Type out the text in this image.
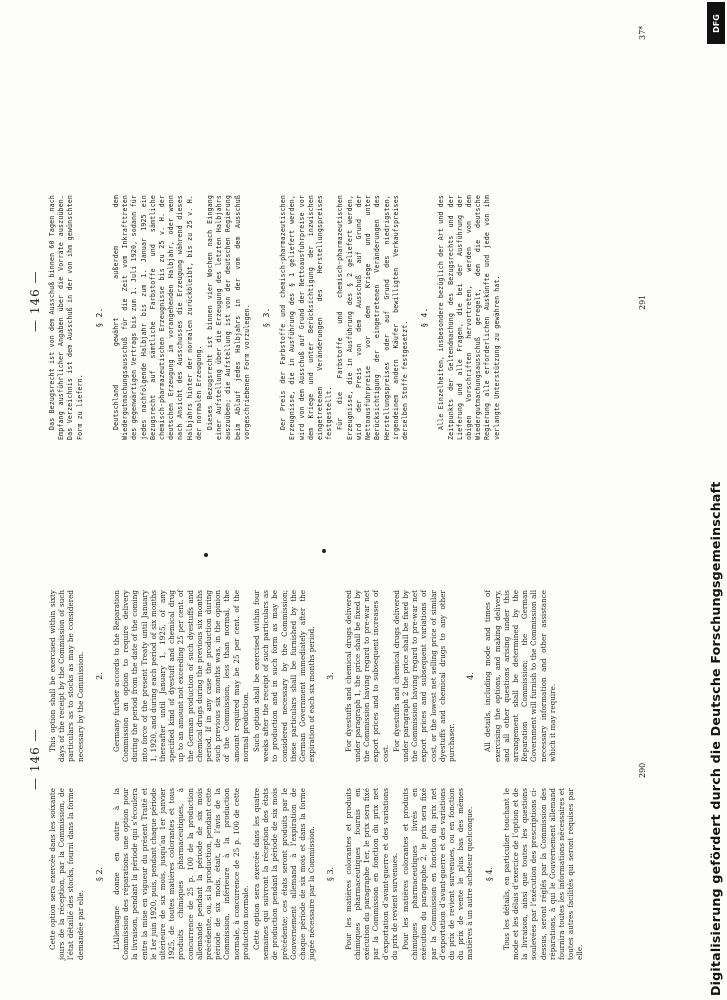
— 146 —

Cette option sera exercée dans les soixante jours de la réception, par la Commission, de l’état détaillé des stocks, fourni dans la forme demandée par elle.

§ 2. L’Allemagne donne en outre à la Commission des réparations une option pour la livraison, pendant la période qui s’écoulera entre la mise en vigueur du présent Traité et le 1er juin 1920, puis, pendant chaque période ultérieure de six mois, jusqu’au 1er janvier 1925, de toutes matières colorantes et tous produits chimiques pharmaceutiques, à concurrence de 25 p. 100 de la production allemande pendant la période de six mois précédente, ou, si la production, pendant cette période de six mois, était, de l’avis de la Commission, inférieure à la production normale, à concurrence de 25 p. 100 de cette production normale. Cette option sera exercée dans les quatre semaines qui suivront la réception des états de production pendant la période de six mois précédente; ces états seront produits par le Gouvernement allemand à l’expiration de chaque période de six mois et dans la forme jugée nécessaire par la Commission. § 3. Pour les matières colorantes et produits chimiques pharmaceutiques fournis en exécution du paragraphe 1er, le prix sera fixé par la Commission en fonction du prix net d’exportation d’avant-guerre et des variations du prix de revient survenues. Pour les matières colorantes et produits chimiques pharmaceutiques livrés en exécution du paragraphe 2, le prix sera fixé par la Commission en fonction du prix net d’exportation d’avant-guerre et des variations du prix de revient survenues, ou en fonction du prix de vente le plus bas des mêmes matières à un autre acheteur quelconque. § 4. Tous les détails, en particulier touchant le mode et les délais d’exercice de l’option et de la livraison, ainsi que toutes les questions soulevées par l’exécution des prescriptions ci-dessus, seront réglés par la Commission des réparations, à qui le Gouvernement allemand fournira toutes les informations nécessaires et toutes autres facilités qui seront requises par elle.

This option shall be exercised within sixty days of the receipt by the Commission of such particulars as to stocks as may be considered necessary by the Commission. 2. Germany further accords to the Reparation Commission an option to require delivery during the period from the date of the coming into force of the present Treaty until January 1, 1920, and during each period of six months thereafter until January 1, 1925, of any specified kind of dyestuff and chemical drug up to an amount not exceeding 25 per cent. of the German production of such dyestuffs and chemical drugs during the previous six months period. If in any case the production during such previous six months was, in the opinion of the Commission, less than normal, the amount required may be 25 per cent. of the normal production. Such option shall be exercised within four weeks after the receipt of such particulars as to production and in such form as may be considered necessary by the Commission; these particulars shall be furnished by the German Government immediately after the expiration of each six months period. 3. For dyestuffs and chemical drugs delivered under paragraph 1, the price shall be fixed by the Commission having regard to pre-war net export prices and to subsequent increases of cost.

For dyestuffs and chemical drugs delivered under paragraph 2 the price shall be fixed by the Commission having regard to pre-war net export prices and subsequent variations of cost, or the lowest net selling price of similar dyestuffs and chemical drugs to any other purchaser.

4. All details, including mode and times of exercising the options, and making delivery, and all other questions arising under this arrangement shall be determined by the Reparation Commission; the German Government will furnish to the Commission all necessary information and other assistance which it may require.

290
— 146 — Das Bezugsrecht ist von dem Ausschuß binnen 60 Tagen nach Empfang ausführlicher Angaben über die Vorräte auszuüben. Das Verzeichnis ist dem Ausschuß in der von ihm gewünschten Form zu liefern.

§ 2. Deutschland gewährt außerdem dem Wiedergutmachungsausschuß für die Zeit vom Inkrafttreten des gegenwärtigen Vertrags bis zum 1. Juli 1920, sodann für jedes nachfolgende Halbjahr bis zum 1. Januar 1925 ein Bezugsrecht auf sämtliche Farbstoffe und sämtliche chemisch-pharmazeutischen Erzeugnisse bis zu 25 v. H. der deutschen Erzeugung im vorangehenden Halbjahr, oder wenn nach Ansicht des Ausschusses die Erzeugung während dieses Halbjahrs hinter der normalen zurückbleibt, bis zu 25 v. H. der normalen Erzeugung. Dieses Bezugsrecht ist binnen vier Wochen nach Eingang einer Aufstellung über die Erzeugung des letzten Halbjahrs auszuüben; die Aufstellung ist von der deutschen Regierung beim Ablauf jedes Halbjahrs in der vom dem Ausschuß vorgeschriebenen Form vorzulegen. § 3. Der Preis der Farbstoffe und chemisch-pharmazeutischen Erzeugnisse, die in Ausführung des § 1 geliefert werden, wird von dem Ausschuß auf Grund der Nettoausfuhrpreise vor dem Kriege und unter Berücksichtigung der inzwischen eingetretenen Veränderungen des Herstellungspreises festgestellt. Für die Farbstoffe und chemisch-pharmazeutischen Erzeugnisse, die in Ausführung des § 2 geliefert werden, wird der Preis von dem Ausschuß auf Grund der Nettoausfuhrpreise vor dem Kriege und unter Berücksichtigung der eingetretenen Veränderungen des Herstellungspreises oder auf Grund des niedrigsten, irgendeinem andern Käufer bewilligten Verkaufspreises derselben Stoffe festgesetzt.

§ 4. Alle Einzelheiten, insbesondere bezüglich der Art und des Zeitpunkts der Geltendmachung des Bezugsrechts und der Lieferung und alle Fragen, die bei der Ausführung der obigen Vorschriften hervortreten, werden von dem Wiedergutmachungsausschuß geregelt, dem die deutsche Regierung alle erforderlichen Auskünfte und jede von ihm verlangte Unterstützung zu gewähren hat.	291
37*
Digitalisierung gefördert durch die Deutsche Forschungsgemeinschaft
DFG
